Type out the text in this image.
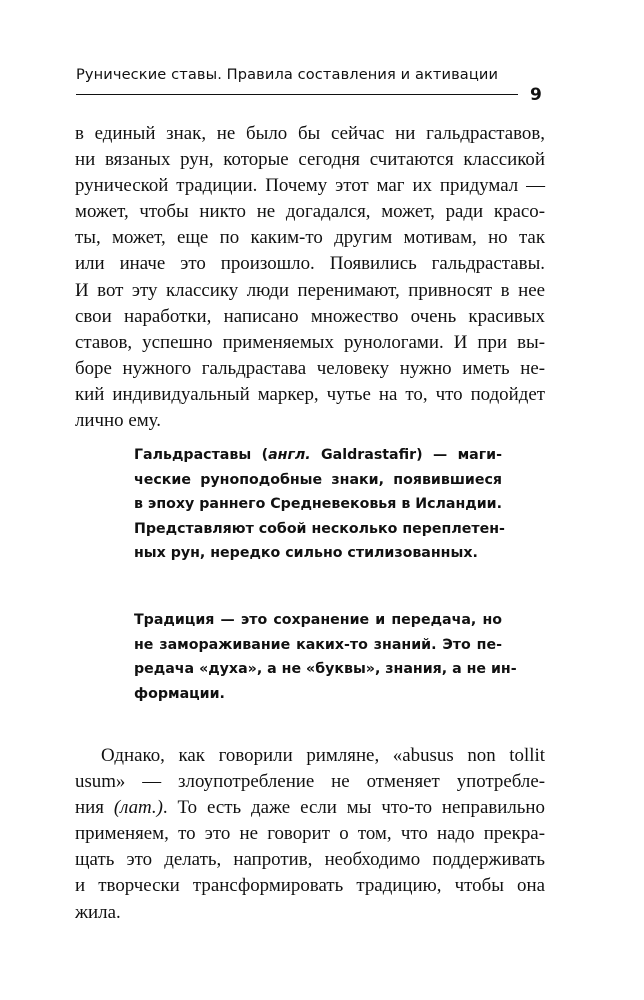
Рунические ставы. Правила составления и активации
9
в единый знак, не было бы сейчас ни гальдраставов,
ни вязаных рун, которые сегодня считаются классикой
рунической традиции. Почему этот маг их придумал —
может, чтобы никто не догадался, может, ради красо-
ты, может, еще по каким-то другим мотивам, но так
или иначе это произошло. Появились гальдраставы.
И вот эту классику люди перенимают, привносят в нее
свои наработки, написано множество очень красивых
ставов, успешно применяемых рунологами. И при вы-
боре нужного гальдраставa человеку нужно иметь не-
кий индивидуальный маркер, чутье на то, что подойдет
лично ему.
Гальдраставы (англ. Galdrastafir) — маги-
ческие руноподобные знаки, появившиеся
в эпоху раннего Средневековья в Исландии.
Представляют собой несколько переплетен-
ных рун, нередко сильно стилизованных.
Традиция — это сохранение и передача, но
не замораживание каких-то знаний. Это пе-
редача «духа», а не «буквы», знания, а не ин-
формации.
Однако, как говорили римляне, «abusus non tollit
usum» — злоупотребление не отменяет употребле-
ния (лат.). То есть даже если мы что-то неправильно
применяем, то это не говорит о том, что надо прекра-
щать это делать, напротив, необходимо поддерживать
и творчески трансформировать традицию, чтобы она
жила.
